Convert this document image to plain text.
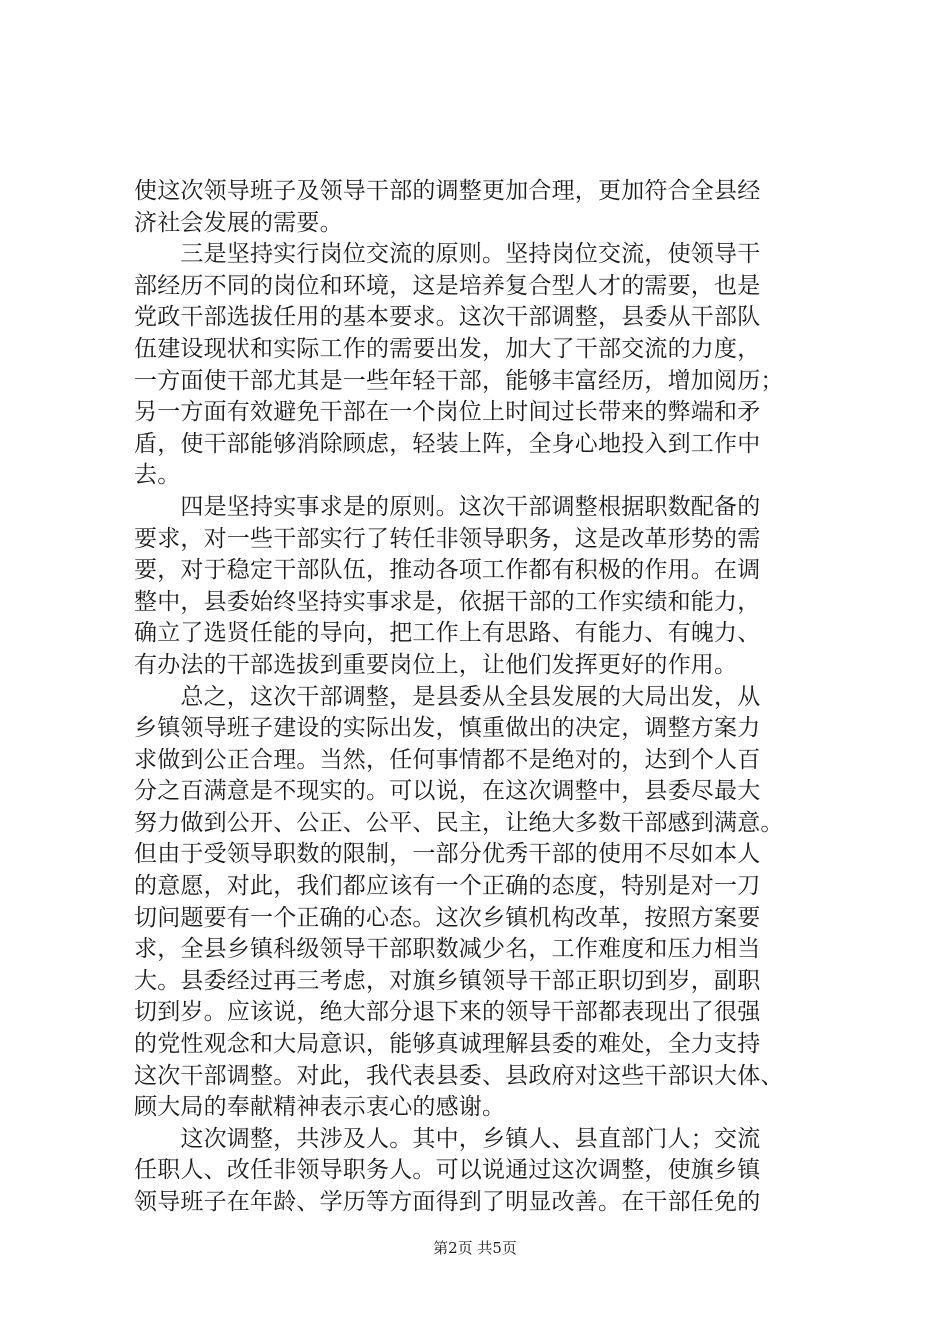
使这次领导班子及领导干部的调整更加合理，更加符合全县经
济社会发展的需要。
　　三是坚持实行岗位交流的原则。坚持岗位交流，使领导干
部经历不同的岗位和环境，这是培养复合型人才的需要，也是
党政干部选拔任用的基本要求。这次干部调整，县委从干部队
伍建设现状和实际工作的需要出发，加大了干部交流的力度，
一方面使干部尤其是一些年轻干部，能够丰富经历，增加阅历；
另一方面有效避免干部在一个岗位上时间过长带来的弊端和矛
盾，使干部能够消除顾虑，轻装上阵，全身心地投入到工作中
去。
　　四是坚持实事求是的原则。这次干部调整根据职数配备的
要求，对一些干部实行了转任非领导职务，这是改革形势的需
要，对于稳定干部队伍，推动各项工作都有积极的作用。在调
整中，县委始终坚持实事求是，依据干部的工作实绩和能力，
确立了选贤任能的导向，把工作上有思路、有能力、有魄力、
有办法的干部选拔到重要岗位上，让他们发挥更好的作用。
　　总之，这次干部调整，是县委从全县发展的大局出发，从
乡镇领导班子建设的实际出发，慎重做出的决定，调整方案力
求做到公正合理。当然，任何事情都不是绝对的，达到个人百
分之百满意是不现实的。可以说，在这次调整中，县委尽最大
努力做到公开、公正、公平、民主，让绝大多数干部感到满意。
但由于受领导职数的限制，一部分优秀干部的使用不尽如本人
的意愿，对此，我们都应该有一个正确的态度，特别是对一刀
切问题要有一个正确的心态。这次乡镇机构改革，按照方案要
求，全县乡镇科级领导干部职数减少名，工作难度和压力相当
大。县委经过再三考虑，对旗乡镇领导干部正职切到岁，副职
切到岁。应该说，绝大部分退下来的领导干部都表现出了很强
的党性观念和大局意识，能够真诚理解县委的难处，全力支持
这次干部调整。对此，我代表县委、县政府对这些干部识大体、
顾大局的奉献精神表示衷心的感谢。
　　这次调整，共涉及人。其中，乡镇人、县直部门人；交流
任职人、改任非领导职务人。可以说通过这次调整，使旗乡镇
领导班子在年龄、学历等方面得到了明显改善。在干部任免的
第2页 共5页
